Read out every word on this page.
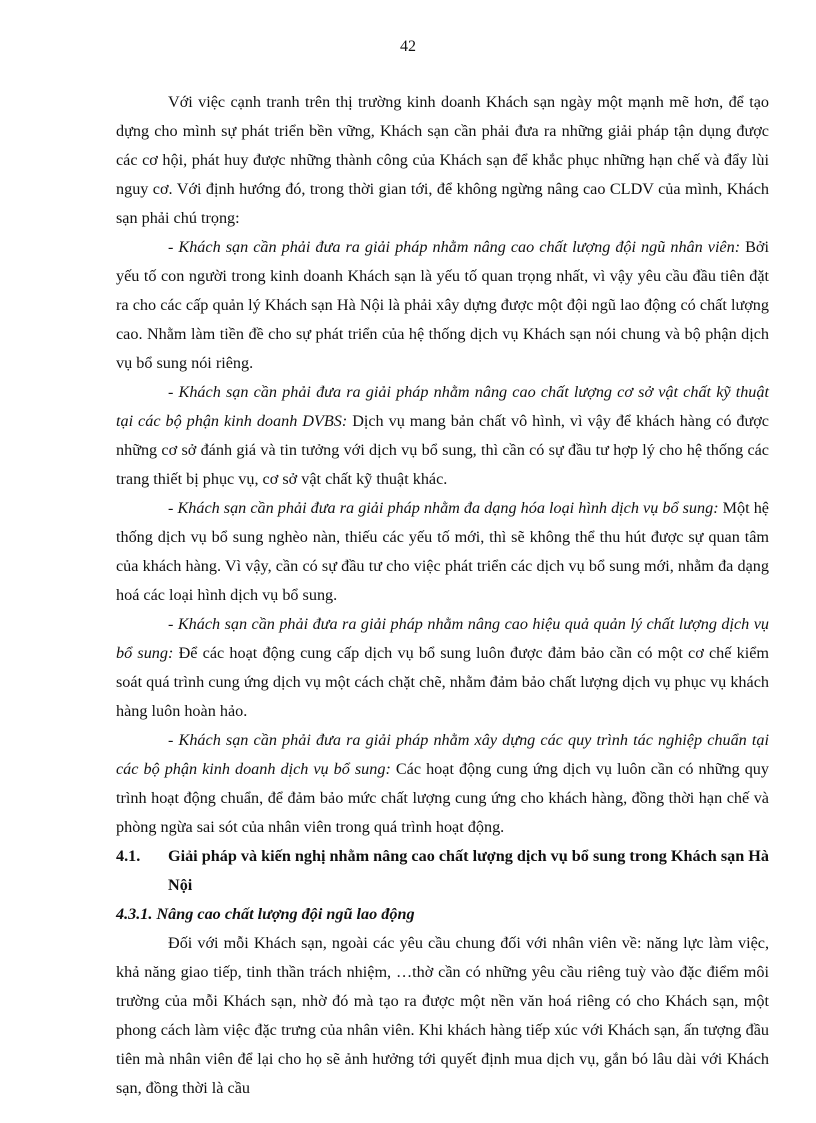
42

Với việc cạnh tranh trên thị trường kinh doanh Khách sạn ngày một mạnh mẽ hơn, để tạo dựng cho mình sự phát triển bền vững, Khách sạn cần phải đưa ra những giải pháp tận dụng được các cơ hội, phát huy được những thành công của Khách sạn để khắc phục những hạn chế và đẩy lùi nguy cơ. Với định hướng đó, trong thời gian tới, để không ngừng nâng cao CLDV của mình, Khách sạn phải chú trọng:

- Khách sạn cần phải đưa ra giải pháp nhằm nâng cao chất lượng đội ngũ nhân viên: Bởi yếu tố con người trong kinh doanh Khách sạn là yếu tố quan trọng nhất, vì vậy yêu cầu đầu tiên đặt ra cho các cấp quản lý Khách sạn Hà Nội là phải xây dựng được một đội ngũ lao động có chất lượng cao. Nhằm làm tiền đề cho sự phát triển của hệ thống dịch vụ Khách sạn nói chung và bộ phận dịch vụ bổ sung nói riêng.

- Khách sạn cần phải đưa ra giải pháp nhằm nâng cao chất lượng cơ sở vật chất kỹ thuật tại các bộ phận kinh doanh DVBS: Dịch vụ mang bản chất vô hình, vì vậy để khách hàng có được những cơ sở đánh giá và tin tưởng với dịch vụ bổ sung, thì cần có sự đầu tư hợp lý cho hệ thống các trang thiết bị phục vụ, cơ sở vật chất kỹ thuật khác.

- Khách sạn cần phải đưa ra giải pháp nhằm đa dạng hóa loại hình dịch vụ bổ sung: Một hệ thống dịch vụ bổ sung nghèo nàn, thiếu các yếu tố mới, thì sẽ không thể thu hút được sự quan tâm của khách hàng. Vì vậy, cần có sự đầu tư cho việc phát triển các dịch vụ bổ sung mới, nhằm đa dạng hoá các loại hình dịch vụ bổ sung.

- Khách sạn cần phải đưa ra giải pháp nhằm nâng cao hiệu quả quản lý chất lượng dịch vụ bổ sung: Để các hoạt động cung cấp dịch vụ bổ sung luôn được đảm bảo cần có một cơ chế kiểm soát quá trình cung ứng dịch vụ một cách chặt chẽ, nhằm đảm bảo chất lượng dịch vụ phục vụ khách hàng luôn hoàn hảo.

- Khách sạn cần phải đưa ra giải pháp nhằm xây dựng các quy trình tác nghiệp chuẩn tại các bộ phận kinh doanh dịch vụ bổ sung: Các hoạt động cung ứng dịch vụ luôn cần có những quy trình hoạt động chuẩn, để đảm bảo mức chất lượng cung ứng cho khách hàng, đồng thời hạn chế và phòng ngừa sai sót của nhân viên trong quá trình hoạt động.

4.1.	Giải pháp và kiến nghị nhằm nâng cao chất lượng dịch vụ bổ sung trong Khách sạn Hà Nội

4.3.1. Nâng cao chất lượng đội ngũ lao động

Đối với mỗi Khách sạn, ngoài các yêu cầu chung đối với nhân viên về: năng lực làm việc, khả năng giao tiếp, tinh thần trách nhiệm, …thờ cần có những yêu cầu riêng tuỳ vào đặc điểm môi trường của mỗi Khách sạn, nhờ đó mà tạo ra được một nền văn hoá riêng có cho Khách sạn, một phong cách làm việc đặc trưng của nhân viên. Khi khách hàng tiếp xúc với Khách sạn, ấn tượng đầu tiên mà nhân viên để lại cho họ sẽ ảnh hưởng tới quyết định mua dịch vụ, gắn bó lâu dài với Khách sạn, đồng thời là cầu
